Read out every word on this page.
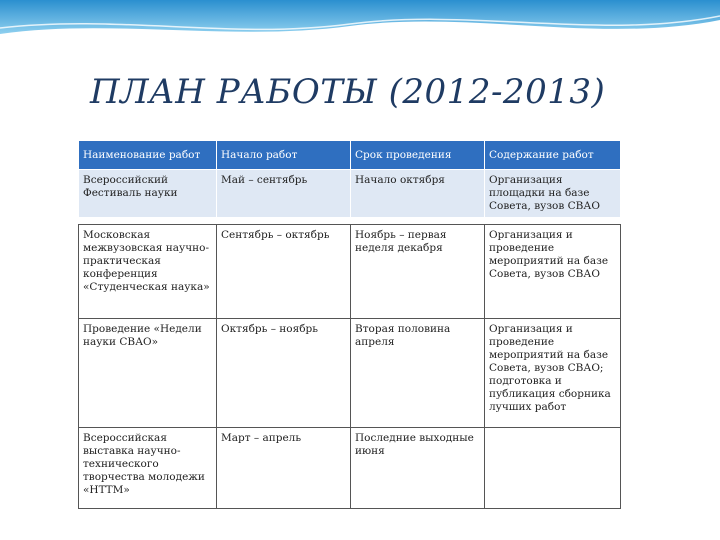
ПЛАН РАБОТЫ (2012-2013)
Наименование работ	Начало работ	Срок проведения	Содержание работ
Всероссийский Фестиваль науки	Май – сентябрь	Начало октября	Организация площадки на базе Совета, вузов СВАО

Московская межвузовская научно-практическая конференция «Студенческая наука»	Сентябрь – октябрь	Ноябрь – первая неделя декабря	Организация и проведение мероприятий на базе Совета, вузов СВАО
Проведение «Недели науки СВАО»	Октябрь – ноябрь	Вторая половина апреля	Организация и проведение мероприятий на базе Совета, вузов СВАО; подготовка и публикация сборника лучших работ
Всероссийская выставка научно-технического творчества молодежи «НТТМ»	Март – апрель	Последние выходные июня	
